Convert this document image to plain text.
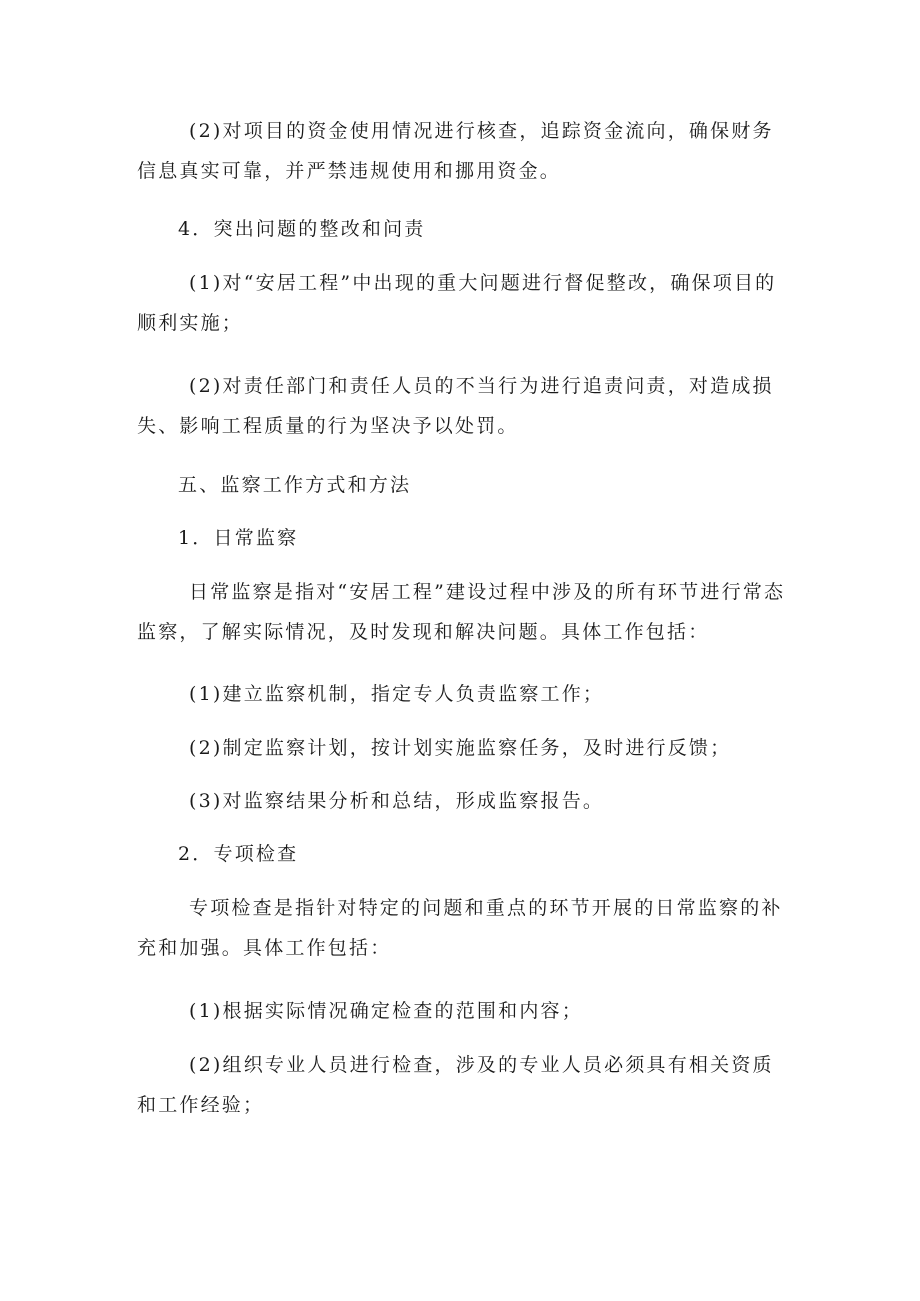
(2)对项目的资金使用情况进行核查，追踪资金流向，确保财务信息真实可靠，并严禁违规使用和挪用资金。

4．突出问题的整改和问责

(1)对“安居工程”中出现的重大问题进行督促整改，确保项目的顺利实施；

(2)对责任部门和责任人员的不当行为进行追责问责，对造成损失、影响工程质量的行为坚决予以处罚。

五、监察工作方式和方法

1．日常监察

日常监察是指对“安居工程”建设过程中涉及的所有环节进行常态监察，了解实际情况，及时发现和解决问题。具体工作包括：

(1)建立监察机制，指定专人负责监察工作；

(2)制定监察计划，按计划实施监察任务，及时进行反馈；

(3)对监察结果分析和总结，形成监察报告。

2．专项检查

专项检查是指针对特定的问题和重点的环节开展的日常监察的补充和加强。具体工作包括：

(1)根据实际情况确定检查的范围和内容；

(2)组织专业人员进行检查，涉及的专业人员必须具有相关资质和工作经验；
